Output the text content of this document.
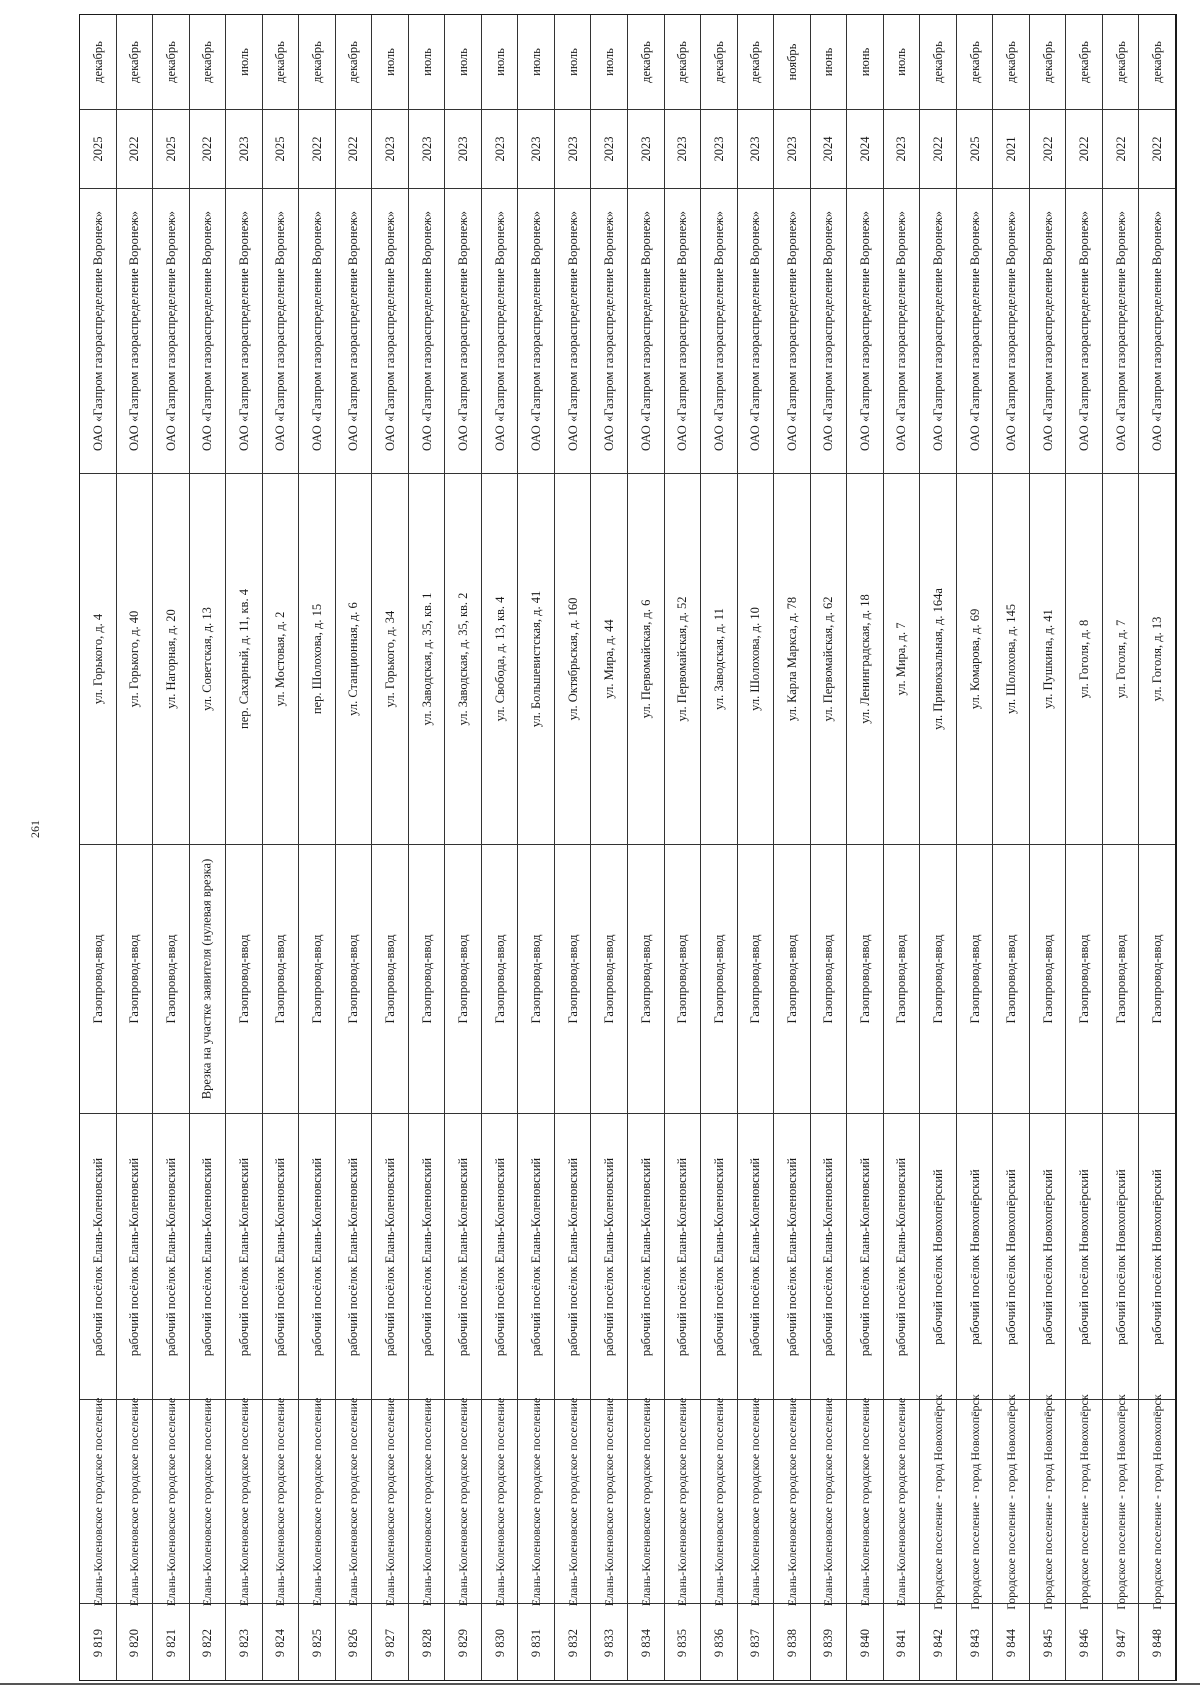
261
декабрь
2025
ОАО «Газпром газораспределение Воронеж»
ул. Горького, д. 4
Газопровод-ввод
рабочий посёлок Елань-Коленовский
Елань-Коленовское городское поселение
9 819
декабрь
2022
ОАО «Газпром газораспределение Воронеж»
ул. Горького, д. 40
Газопровод-ввод
рабочий посёлок Елань-Коленовский
Елань-Коленовское городское поселение
9 820
декабрь
2025
ОАО «Газпром газораспределение Воронеж»
ул. Нагорная, д. 20
Газопровод-ввод
рабочий посёлок Елань-Коленовский
Елань-Коленовское городское поселение
9 821
декабрь
2022
ОАО «Газпром газораспределение Воронеж»
ул. Советская, д. 13
Врезка на участке заявителя (нулевая врезка)
рабочий посёлок Елань-Коленовский
Елань-Коленовское городское поселение
9 822
июль
2023
ОАО «Газпром газораспределение Воронеж»
пер. Сахарный, д. 11, кв. 4
Газопровод-ввод
рабочий посёлок Елань-Коленовский
Елань-Коленовское городское поселение
9 823
декабрь
2025
ОАО «Газпром газораспределение Воронеж»
ул. Мостовая, д. 2
Газопровод-ввод
рабочий посёлок Елань-Коленовский
Елань-Коленовское городское поселение
9 824
декабрь
2022
ОАО «Газпром газораспределение Воронеж»
пер. Шолохова, д. 15
Газопровод-ввод
рабочий посёлок Елань-Коленовский
Елань-Коленовское городское поселение
9 825
декабрь
2022
ОАО «Газпром газораспределение Воронеж»
ул. Станционная, д. 6
Газопровод-ввод
рабочий посёлок Елань-Коленовский
Елань-Коленовское городское поселение
9 826
июль
2023
ОАО «Газпром газораспределение Воронеж»
ул. Горького, д. 34
Газопровод-ввод
рабочий посёлок Елань-Коленовский
Елань-Коленовское городское поселение
9 827
июль
2023
ОАО «Газпром газораспределение Воронеж»
ул. Заводская, д. 35, кв. 1
Газопровод-ввод
рабочий посёлок Елань-Коленовский
Елань-Коленовское городское поселение
9 828
июль
2023
ОАО «Газпром газораспределение Воронеж»
ул. Заводская, д. 35, кв. 2
Газопровод-ввод
рабочий посёлок Елань-Коленовский
Елань-Коленовское городское поселение
9 829
июль
2023
ОАО «Газпром газораспределение Воронеж»
ул. Свобода, д. 13, кв. 4
Газопровод-ввод
рабочий посёлок Елань-Коленовский
Елань-Коленовское городское поселение
9 830
июль
2023
ОАО «Газпром газораспределение Воронеж»
ул. Большевистская, д. 41
Газопровод-ввод
рабочий посёлок Елань-Коленовский
Елань-Коленовское городское поселение
9 831
июль
2023
ОАО «Газпром газораспределение Воронеж»
ул. Октябрьская, д. 160
Газопровод-ввод
рабочий посёлок Елань-Коленовский
Елань-Коленовское городское поселение
9 832
июль
2023
ОАО «Газпром газораспределение Воронеж»
ул. Мира, д. 44
Газопровод-ввод
рабочий посёлок Елань-Коленовский
Елань-Коленовское городское поселение
9 833
декабрь
2023
ОАО «Газпром газораспределение Воронеж»
ул. Первомайская, д. 6
Газопровод-ввод
рабочий посёлок Елань-Коленовский
Елань-Коленовское городское поселение
9 834
декабрь
2023
ОАО «Газпром газораспределение Воронеж»
ул. Первомайская, д. 52
Газопровод-ввод
рабочий посёлок Елань-Коленовский
Елань-Коленовское городское поселение
9 835
декабрь
2023
ОАО «Газпром газораспределение Воронеж»
ул. Заводская, д. 11
Газопровод-ввод
рабочий посёлок Елань-Коленовский
Елань-Коленовское городское поселение
9 836
декабрь
2023
ОАО «Газпром газораспределение Воронеж»
ул. Шолохова, д. 10
Газопровод-ввод
рабочий посёлок Елань-Коленовский
Елань-Коленовское городское поселение
9 837
ноябрь
2023
ОАО «Газпром газораспределение Воронеж»
ул. Карла Маркса, д. 78
Газопровод-ввод
рабочий посёлок Елань-Коленовский
Елань-Коленовское городское поселение
9 838
июнь
2024
ОАО «Газпром газораспределение Воронеж»
ул. Первомайская, д. 62
Газопровод-ввод
рабочий посёлок Елань-Коленовский
Елань-Коленовское городское поселение
9 839
июнь
2024
ОАО «Газпром газораспределение Воронеж»
ул. Ленинградская, д. 18
Газопровод-ввод
рабочий посёлок Елань-Коленовский
Елань-Коленовское городское поселение
9 840
июль
2023
ОАО «Газпром газораспределение Воронеж»
ул. Мира, д. 7
Газопровод-ввод
рабочий посёлок Елань-Коленовский
Елань-Коленовское городское поселение
9 841
декабрь
2022
ОАО «Газпром газораспределение Воронеж»
ул. Привокзальная, д. 164а
Газопровод-ввод
рабочий посёлок Новохопёрский
Городское поселение - город Новохопёрск
9 842
декабрь
2025
ОАО «Газпром газораспределение Воронеж»
ул. Комарова, д. 69
Газопровод-ввод
рабочий посёлок Новохопёрский
Городское поселение - город Новохопёрск
9 843
декабрь
2021
ОАО «Газпром газораспределение Воронеж»
ул. Шолохова, д. 145
Газопровод-ввод
рабочий посёлок Новохопёрский
Городское поселение - город Новохопёрск
9 844
декабрь
2022
ОАО «Газпром газораспределение Воронеж»
ул. Пушкина, д. 41
Газопровод-ввод
рабочий посёлок Новохопёрский
Городское поселение - город Новохопёрск
9 845
декабрь
2022
ОАО «Газпром газораспределение Воронеж»
ул. Гоголя, д. 8
Газопровод-ввод
рабочий посёлок Новохопёрский
Городское поселение - город Новохопёрск
9 846
декабрь
2022
ОАО «Газпром газораспределение Воронеж»
ул. Гоголя, д. 7
Газопровод-ввод
рабочий посёлок Новохопёрский
Городское поселение - город Новохопёрск
9 847
декабрь
2022
ОАО «Газпром газораспределение Воронеж»
ул. Гоголя, д. 13
Газопровод-ввод
рабочий посёлок Новохопёрский
Городское поселение - город Новохопёрск
9 848
